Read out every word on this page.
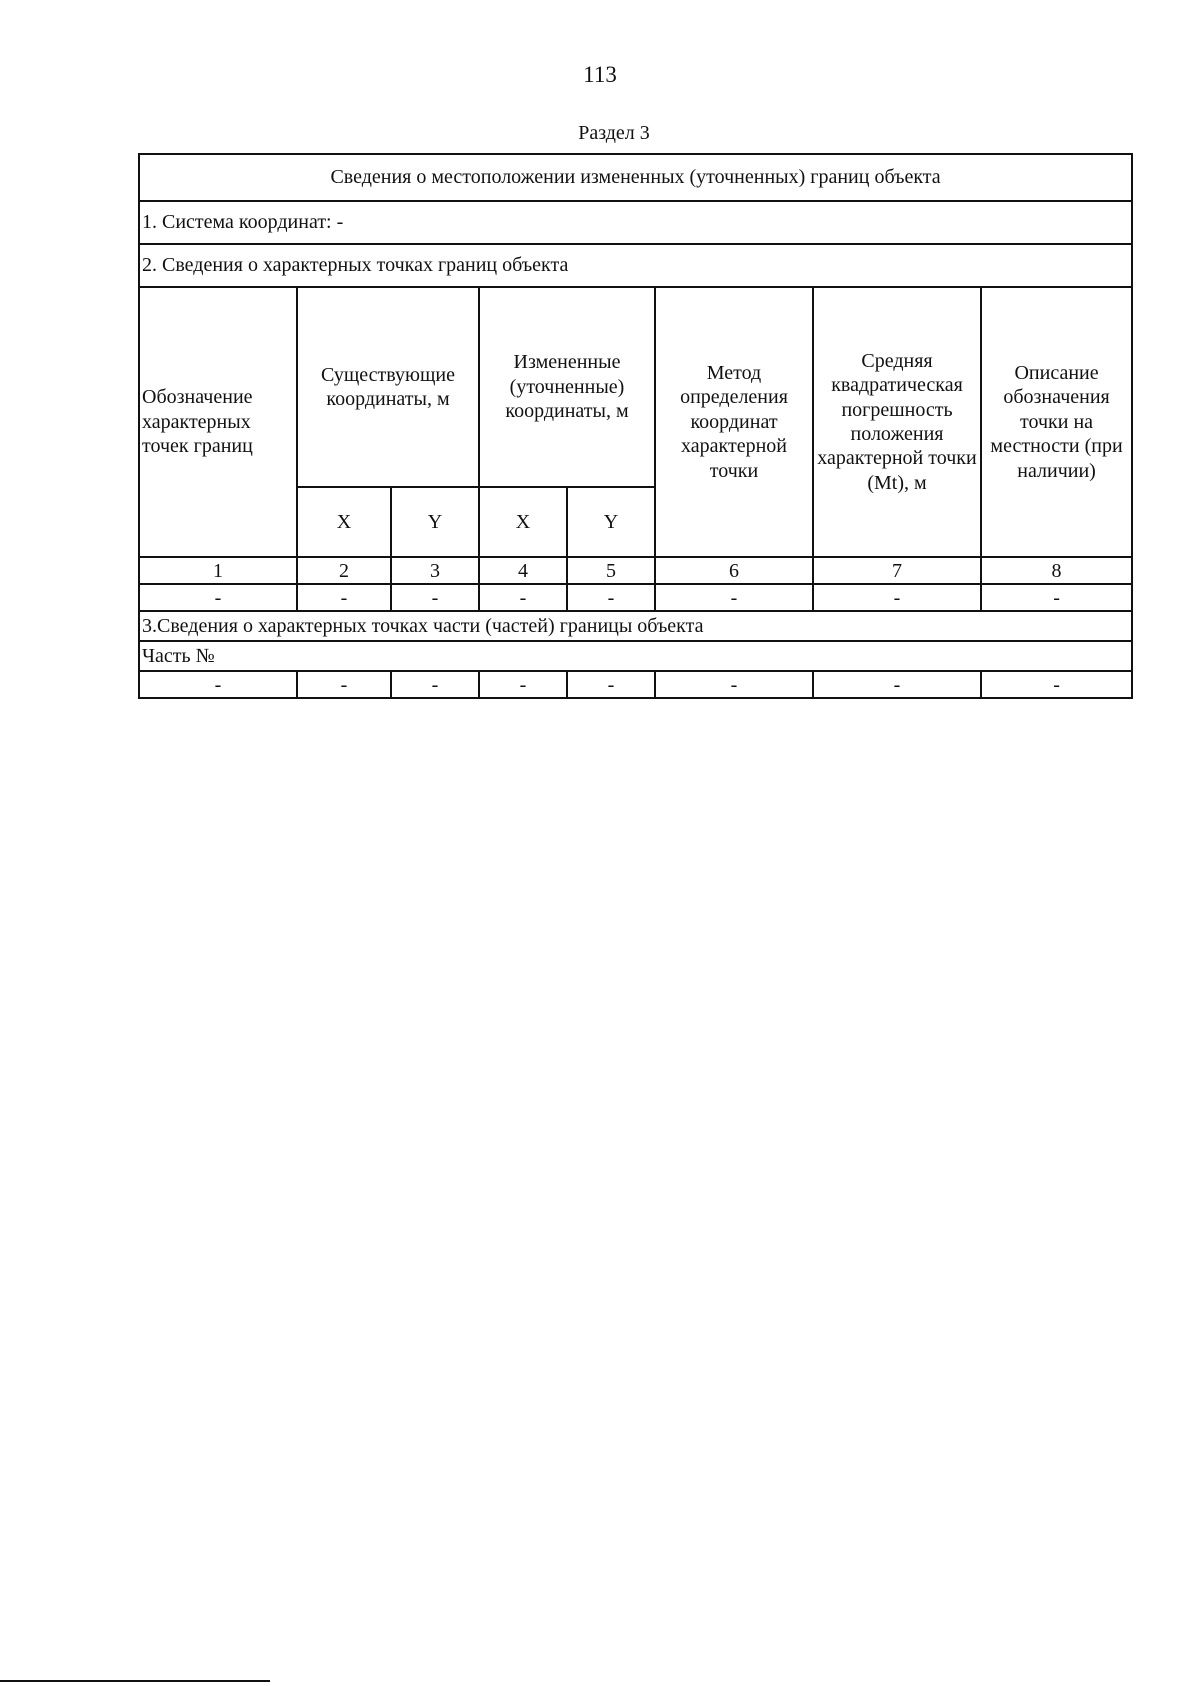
113
Раздел 3
Сведения о местоположении измененных (уточненных) границ объекта							
1. Система координат: -							
2. Сведения о характерных точках границ объекта							
Обозначение характерных точек границ	Существующие координаты, м		Измененные (уточненные) координаты, м		Метод определения координат характерной точки	Средняя квадратическая погрешность положения характерной точки (Mt), м	Описание обозначения точки на местности (при наличии)
	X	Y	X	Y			
1	2	3	4	5	6	7	8
-	-	-	-	-	-	-	-
3.Сведения о характерных точках части (частей) границы объекта							
Часть №							
-	-	-	-	-	-	-	-
